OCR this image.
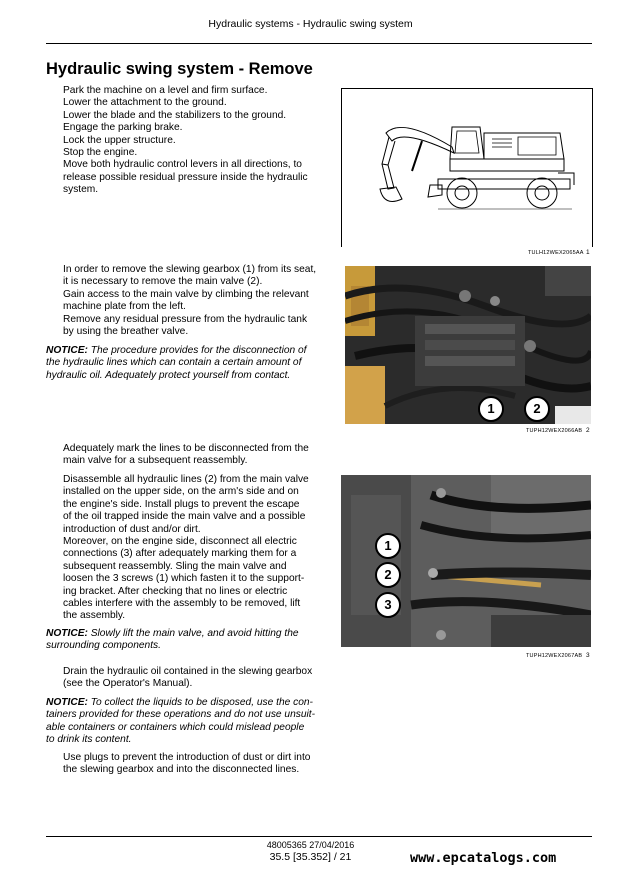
Hydraulic systems - Hydraulic swing system
Hydraulic swing system - Remove
Park the machine on a level and firm surface.
Lower the attachment to the ground.
Lower the blade and the stabilizers to the ground.
Engage the parking brake.
Lock the upper structure.
Stop the engine.
Move both hydraulic control levers in all directions, to
release possible residual pressure inside the hydraulic
system.
TULH12WEX2065AA 1
In order to remove the slewing gearbox (1) from its seat,
it is necessary to remove the main valve (2).
Gain access to the main valve by climbing the relevant
machine plate from the left.
Remove any residual pressure from the hydraulic tank
by using the breather valve.
NOTICE: The procedure provides for the disconnection of
the hydraulic lines which can contain a certain amount of
hydraulic oil. Adequately protect yourself from contact.
1	2
TUPH12WEX2066AB 2
Adequately mark the lines to be disconnected from the
main valve for a subsequent reassembly.
Disassemble all hydraulic lines (2) from the main valve
installed on the upper side, on the arm's side and on
the engine's side. Install plugs to prevent the escape
of the oil trapped inside the main valve and a possible
introduction of dust and/or dirt.
Moreover, on the engine side, disconnect all electric
connections (3) after adequately marking them for a
subsequent reassembly. Sling the main valve and
loosen the 3 screws (1) which fasten it to the support-
ing bracket. After checking that no lines or electric
cables interfere with the assembly to be removed, lift
the assembly.
NOTICE: Slowly lift the main valve, and avoid hitting the
surrounding components.
1
2
3
TUPH12WEX2067AB 3
Drain the hydraulic oil contained in the slewing gearbox
(see the Operator's Manual).
NOTICE: To collect the liquids to be disposed, use the con-
tainers provided for these operations and do not use unsuit-
able containers or containers which could mislead people
to drink its content.
Use plugs to prevent the introduction of dust or dirt into
the slewing gearbox and into the disconnected lines.
48005365 27/04/2016
35.5 [35.352] / 21	www.epcatalogs.com
